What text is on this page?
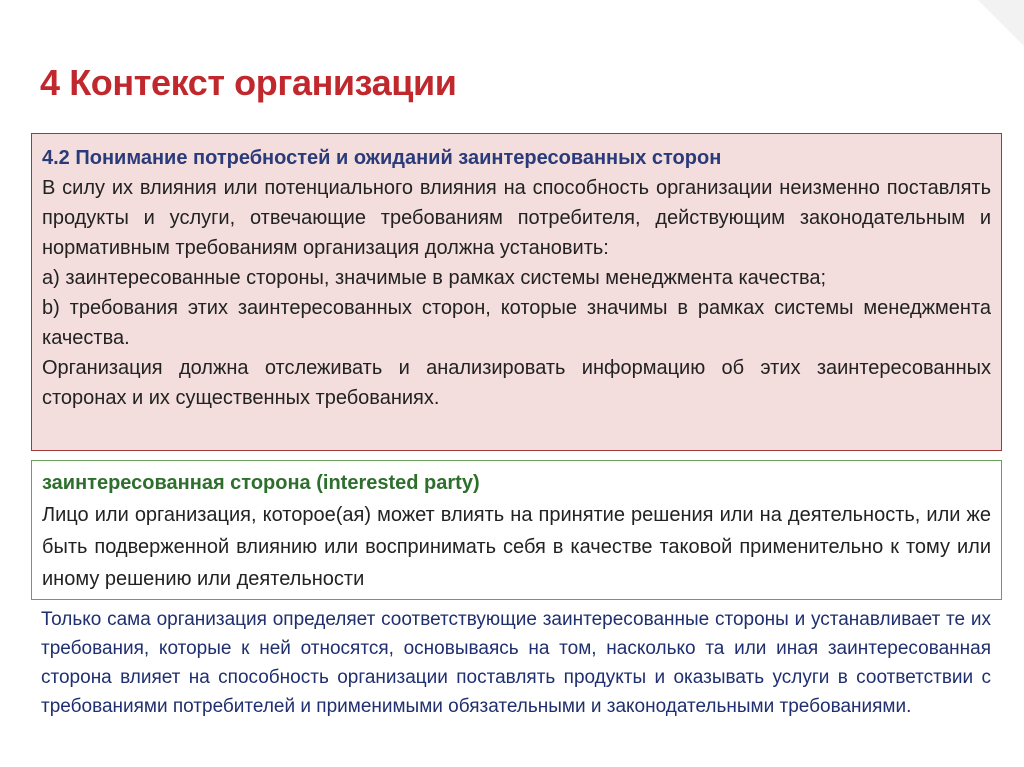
4 Контекст организации

4.2 Понимание потребностей и ожиданий заинтересованных сторон

В силу их влияния или потенциального влияния на способность организации неизменно поставлять продукты и услуги, отвечающие требованиям потребителя, действующим законодательным и нормативным требованиям организация должна установить:

a) заинтересованные стороны, значимые в рамках системы менеджмента качества;

b) требования этих заинтересованных сторон, которые значимы в рамках системы менеджмента качества.

Организация должна отслеживать и анализировать информацию об этих заинтересованных сторонах и их существенных требованиях.

заинтересованная сторона (interested party)

Лицо или организация, которое(ая) может влиять на принятие решения или на деятельность, или же быть подверженной влиянию или воспринимать себя в качестве таковой применительно к тому или иному решению или деятельности

Только сама организация определяет соответствующие заинтересованные стороны и устанавливает те их требования, которые к ней относятся, основываясь на том, насколько та или иная заинтересованная сторона влияет на способность организации поставлять продукты и оказывать услуги в соответствии с требованиями потребителей и применимыми обязательными и законодательными требованиями.
